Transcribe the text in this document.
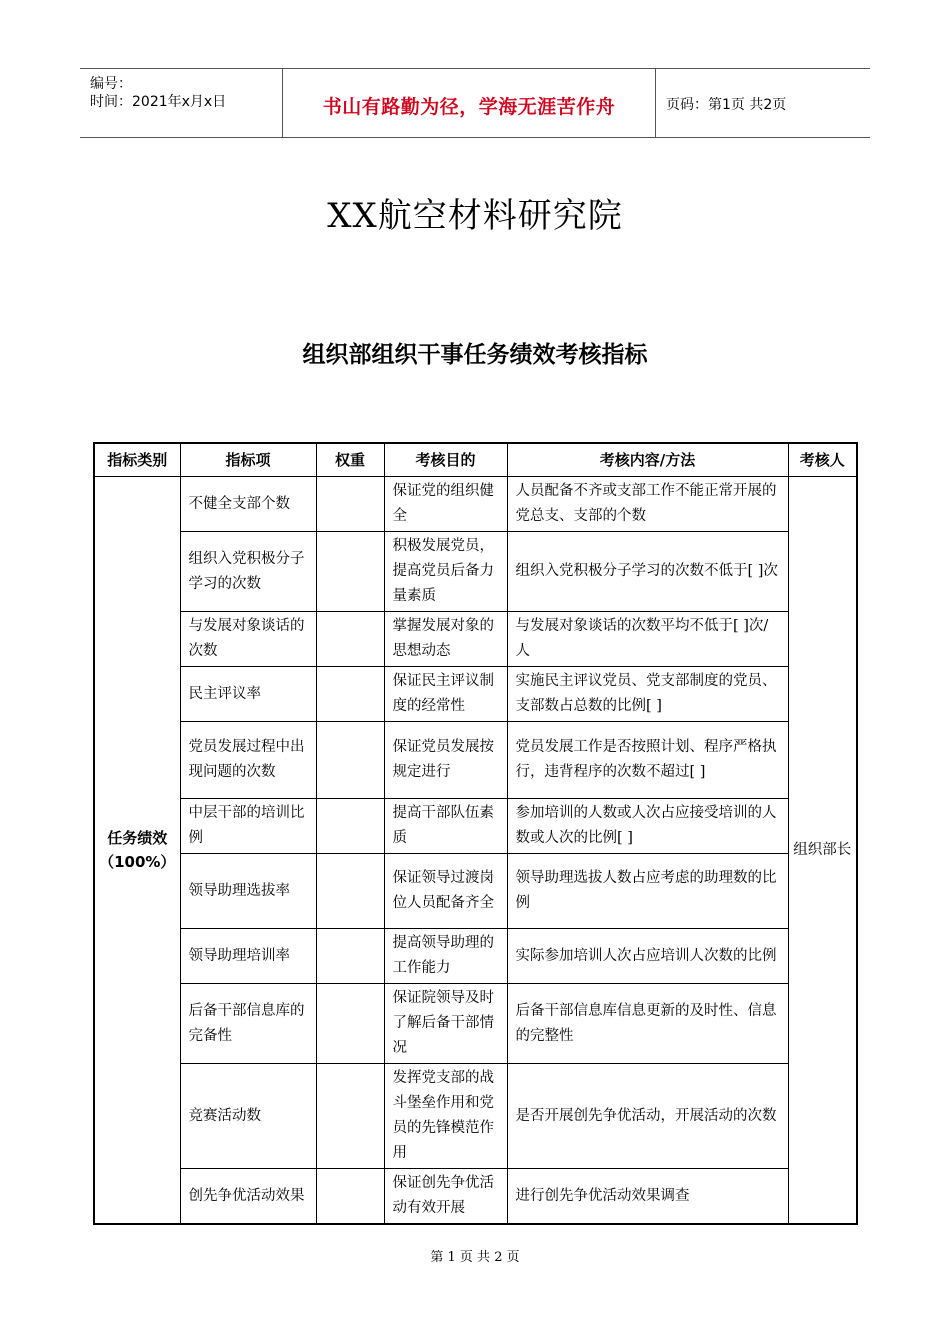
编号：
时间：2021年x月x日	书山有路勤为径，学海无涯苦作舟	页码：第1页 共2页
XX航空材料研究院
组织部组织干事任务绩效考核指标
指标类别	指标项	权重	考核目的	考核内容/方法	考核人

任务绩效
（100%）	不健全支部个数		保证党的组织健全	人员配备不齐或支部工作不能正常开展的党总支、支部的个数	组织部长
	组织入党积极分子学习的次数		积极发展党员，提高党员后备力量素质	组织入党积极分子学习的次数不低于[ ]次	
	与发展对象谈话的次数		掌握发展对象的思想动态	与发展对象谈话的次数平均不低于[ ]次/人	
	民主评议率		保证民主评议制度的经常性	实施民主评议党员、党支部制度的党员、支部数占总数的比例[ ]	
	党员发展过程中出现问题的次数		保证党员发展按规定进行	党员发展工作是否按照计划、程序严格执行，违背程序的次数不超过[ ]	
	中层干部的培训比例		提高干部队伍素质	参加培训的人数或人次占应接受培训的人数或人次的比例[ ]	
	领导助理选拔率		保证领导过渡岗位人员配备齐全	领导助理选拔人数占应考虑的助理数的比例	
	领导助理培训率		提高领导助理的工作能力	实际参加培训人次占应培训人次数的比例	
	后备干部信息库的完备性		保证院领导及时了解后备干部情况	后备干部信息库信息更新的及时性、信息的完整性	
	竞赛活动数		发挥党支部的战斗堡垒作用和党员的先锋模范作用	是否开展创先争优活动，开展活动的次数	
	创先争优活动效果		保证创先争优活动有效开展	进行创先争优活动效果调查	
第 1 页 共 2 页
